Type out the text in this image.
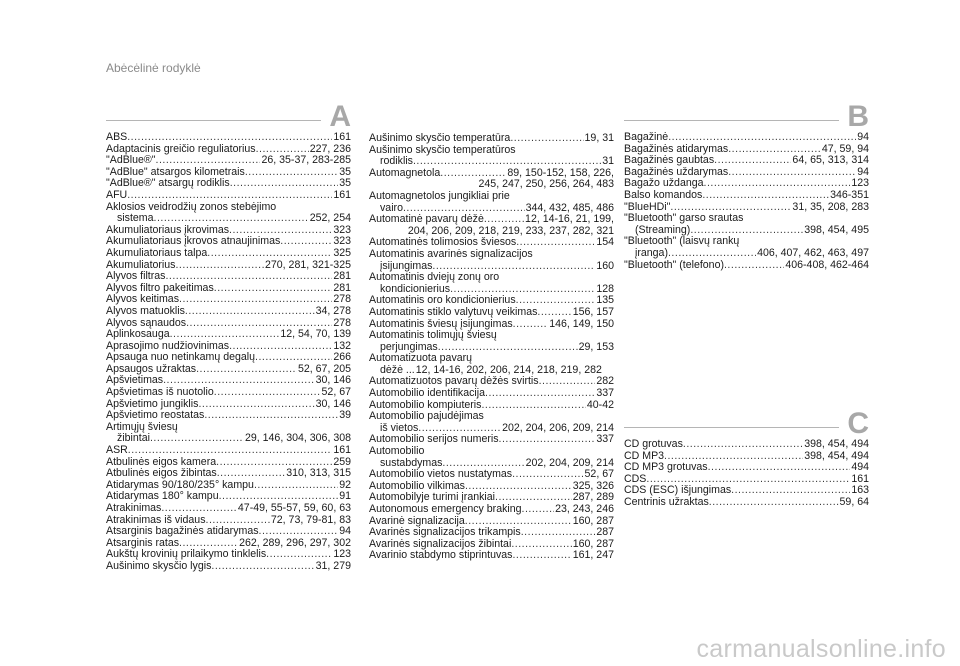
Abėcėlinė rodyklė
A
ABS .....	161
Adaptacinis greičio reguliatorius .....	227, 236
"AdBlue®" .....	26, 35-37, 283-285
"AdBlue" atsargos kilometrais .....	35
"AdBlue®" atsargų rodiklis .....	35
AFU .....	161
Aklosios veidrodžių zonos stebėjimo
sistema .....	252, 254
Akumuliatoriaus įkrovimas .....	323
Akumuliatoriaus įkrovos atnaujinimas .....	323
Akumuliatoriaus talpa .....	325
Akumuliatorius .....	270, 281, 321-325
Alyvos filtras .....	281
Alyvos filtro pakeitimas .....	281
Alyvos keitimas .....	278
Alyvos matuoklis .....	34, 278
Alyvos sąnaudos .....	278
Aplinkosauga .....	12, 54, 70, 139
Aprasojimo nudžiovinimas .....	132
Apsauga nuo netinkamų degalų .....	266
Apsaugos užraktas .....	52, 67, 205
Apšvietimas .....	30, 146
Apšvietimas iš nuotolio .....	52, 67
Apšvietimo jungiklis .....	30, 146
Apšvietimo reostatas .....	39
Artimųjų šviesų
žibintai .....	29, 146, 304, 306, 308
ASR .....	161
Atbulinės eigos kamera .....	259
Atbulinės eigos žibintas .....	310, 313, 315
Atidarymas 90/180/235° kampu .....	92
Atidarymas 180° kampu .....	91
Atrakinimas .....	47-49, 55-57, 59, 60, 63
Atrakinimas iš vidaus .....	72, 73, 79-81, 83
Atsarginis bagažinės atidarymas .....	94
Atsarginis ratas .....	262, 289, 296, 297, 302
Aukštų krovinių prilaikymo tinklelis .....	123
Aušinimo skysčio lygis .....	31, 279
Aušinimo skysčio temperatūra .....	19, 31
Aušinimo skysčio temperatūros
rodiklis .....	31
Automagnetola .....	89, 150-152, 158, 226,
245, 247, 250, 256, 264, 483
Automagnetolos jungikliai prie
vairo .....	344, 432, 485, 486
Automatinė pavarų dėžė .....	12, 14-16, 21, 199,
204, 206, 209, 218, 219, 233, 237, 282, 321
Automatinės tolimosios šviesos .....	154
Automatinis avarinės signalizacijos
įsijungimas .....	160
Automatinis dviejų zonų oro
kondicionierius .....	128
Automatinis oro kondicionierius .....	135
Automatinis stiklo valytuvų veikimas .....	156, 157
Automatinis šviesų įsijungimas .....	146, 149, 150
Automatinis tolimųjų šviesų
perjungimas .....	29, 153
Automatizuota pavarų
dėžė ... 12, 14-16, 202, 206, 214, 218, 219, 282
Automatizuotos pavarų dėžės svirtis .....	282
Automobilio identifikacija .....	337
Automobilio kompiuteris .....	40-42
Automobilio pajudėjimas
iš vietos .....	202, 204, 206, 209, 214
Automobilio serijos numeris .....	337
Automobilio
sustabdymas .....	202, 204, 209, 214
Automobilio vietos nustatymas .....	52, 67
Automobilio vilkimas .....	325, 326
Automobilyje turimi įrankiai .....	287, 289
Autonomous emergency braking .....	23, 243, 246
Avarinė signalizacija .....	160, 287
Avarinės signalizacijos trikampis .....	287
Avarinės signalizacijos žibintai .....	160, 287
Avarinio stabdymo stiprintuvas .....	161, 247
B
Bagažinė .....	94
Bagažinės atidarymas .....	47, 59, 94
Bagažinės gaubtas .....	64, 65, 313, 314
Bagažinės uždarymas .....	94
Bagažo uždanga .....	123
Balso komandos .....	346-351
"BlueHDi" .....	31, 35, 208, 283
"Bluetooth" garso srautas
(Streaming) .....	398, 454, 495
"Bluetooth" (laisvų rankų
įranga) .....	406, 407, 462, 463, 497
"Bluetooth" (telefono) .....	406-408, 462-464
C
CD grotuvas .....	398, 454, 494
CD MP3 .....	398, 454, 494
CD MP3 grotuvas .....	494
CDS .....	161
CDS (ESC) išjungimas .....	163
Centrinis užraktas .....	59, 64
carmanualsonline.info
